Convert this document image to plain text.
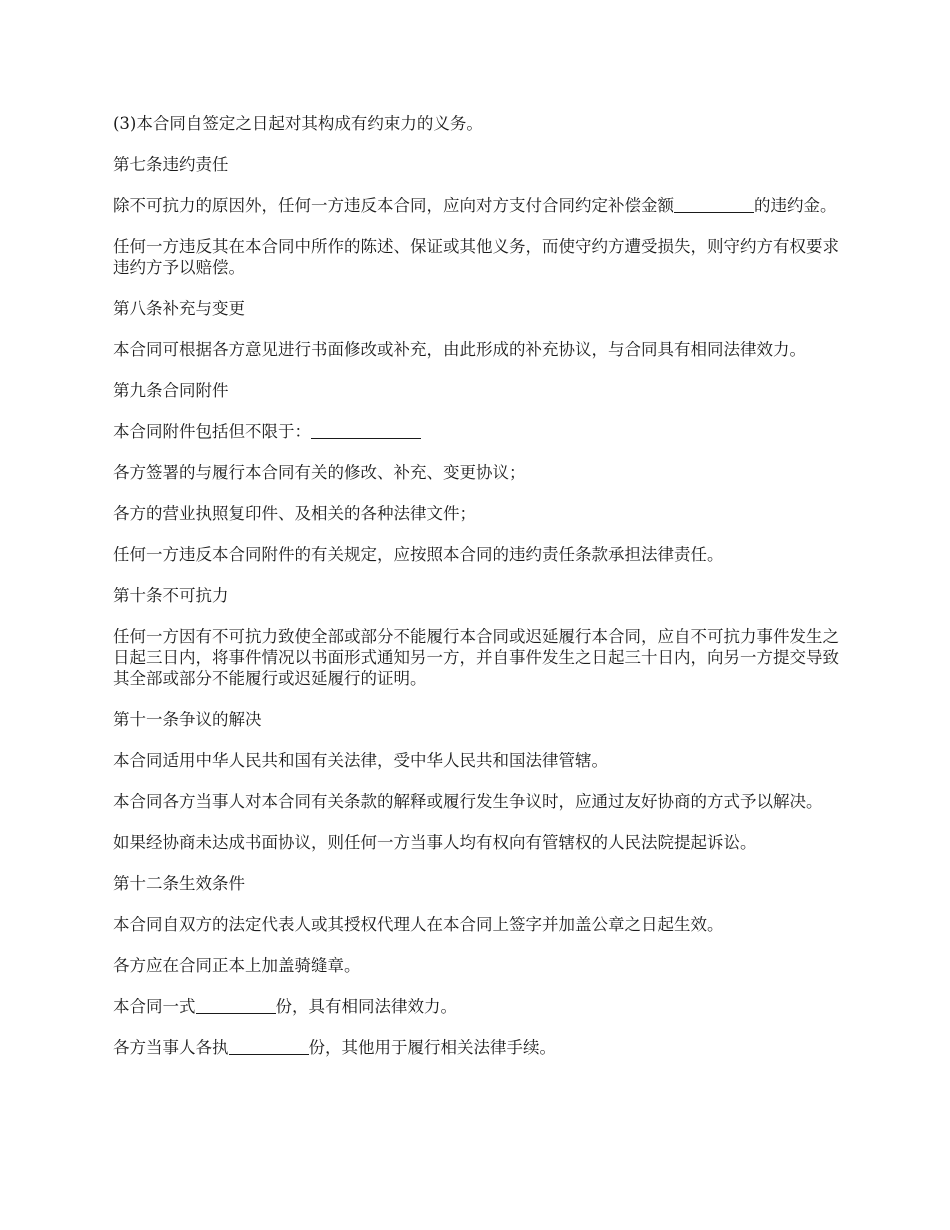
(3)本合同自签定之日起对其构成有约束力的义务。

第七条违约责任

除不可抗力的原因外，任何一方违反本合同，应向对方支付合同约定补偿金额	的违约金。

任何一方违反其在本合同中所作的陈述、保证或其他义务，而使守约方遭受损失，则守约方有权要求违约方予以赔偿。

第八条补充与变更

本合同可根据各方意见进行书面修改或补充，由此形成的补充协议，与合同具有相同法律效力。

第九条合同附件

本合同附件包括但不限于：

各方签署的与履行本合同有关的修改、补充、变更协议；

各方的营业执照复印件、及相关的各种法律文件；

任何一方违反本合同附件的有关规定，应按照本合同的违约责任条款承担法律责任。

第十条不可抗力

任何一方因有不可抗力致使全部或部分不能履行本合同或迟延履行本合同，应自不可抗力事件发生之日起三日内，将事件情况以书面形式通知另一方，并自事件发生之日起三十日内，向另一方提交导致其全部或部分不能履行或迟延履行的证明。

第十一条争议的解决

本合同适用中华人民共和国有关法律，受中华人民共和国法律管辖。

本合同各方当事人对本合同有关条款的解释或履行发生争议时，应通过友好协商的方式予以解决。

如果经协商未达成书面协议，则任何一方当事人均有权向有管辖权的人民法院提起诉讼。

第十二条生效条件

本合同自双方的法定代表人或其授权代理人在本合同上签字并加盖公章之日起生效。

各方应在合同正本上加盖骑缝章。

本合同一式	份，具有相同法律效力。

各方当事人各执	份，其他用于履行相关法律手续。
